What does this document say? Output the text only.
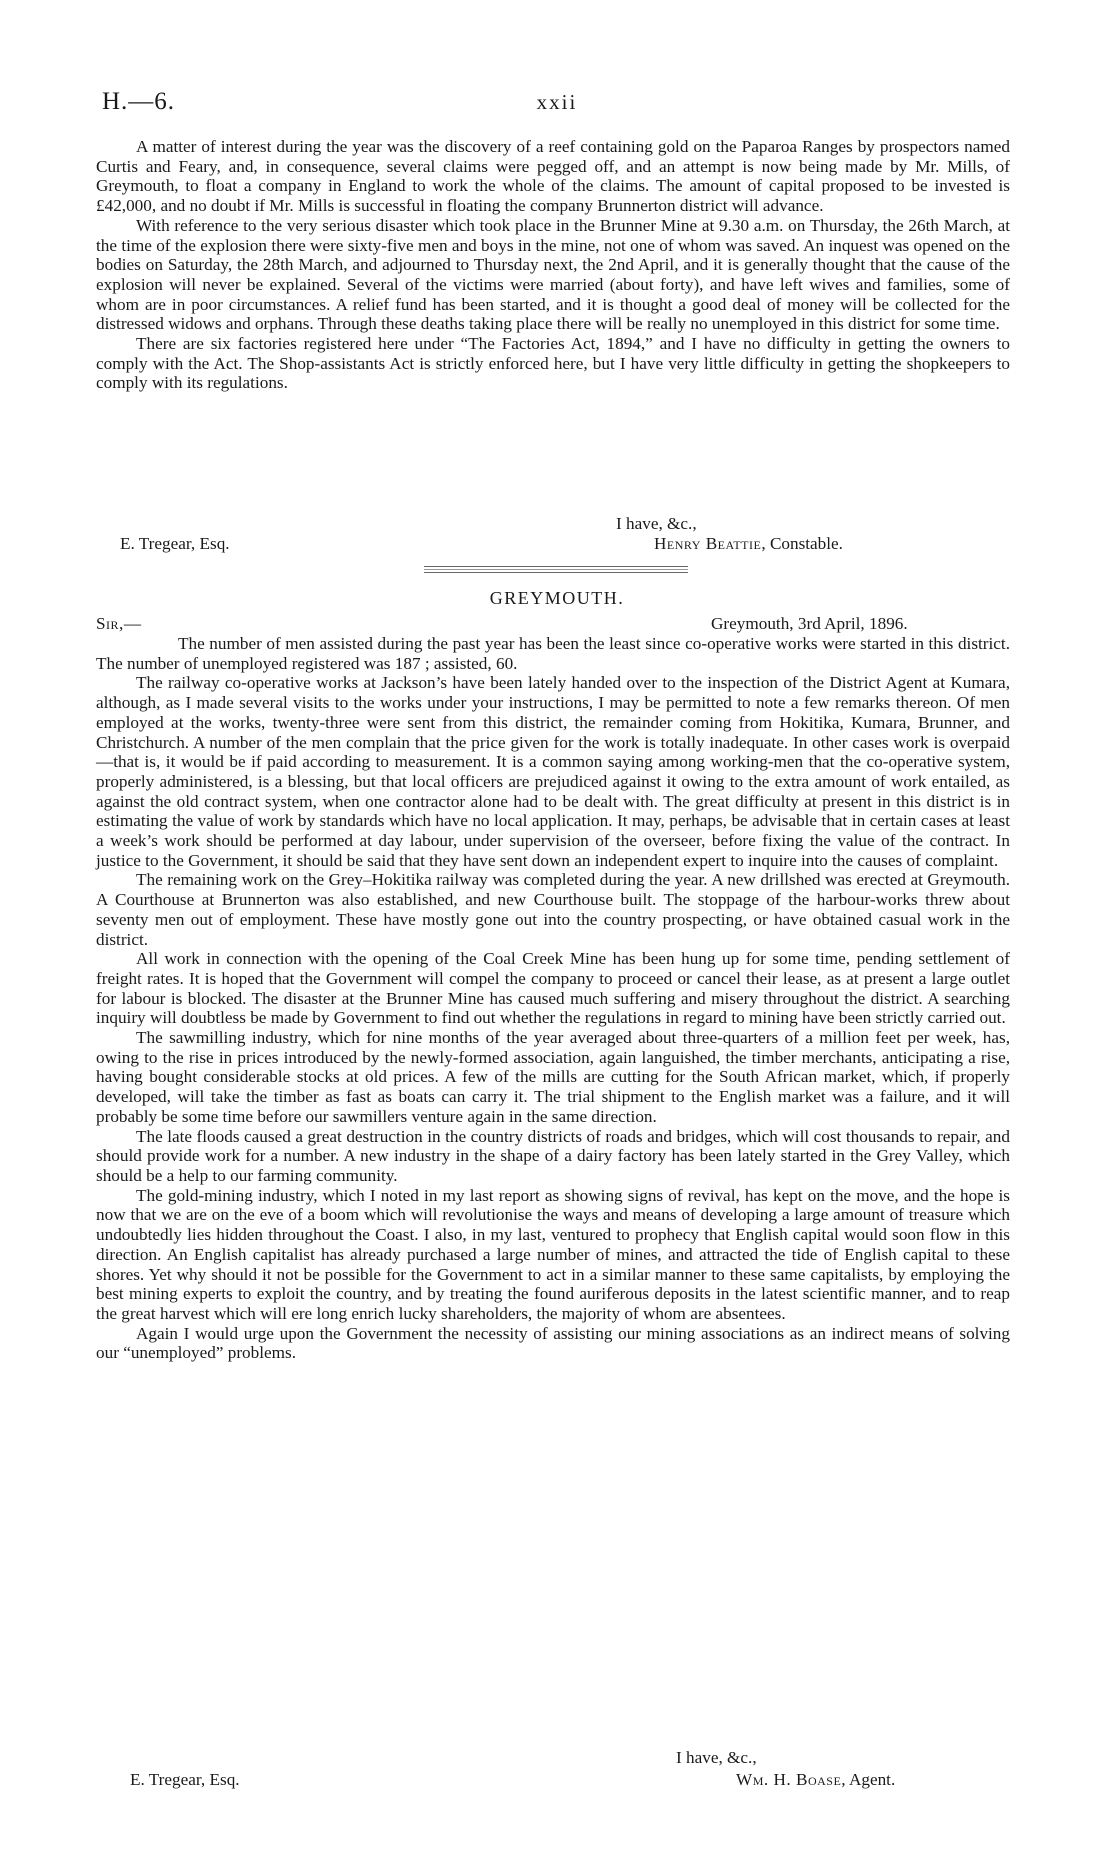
H.—6.	xxii

A matter of interest during the year was the discovery of a reef containing gold on the Paparoa Ranges by prospectors named Curtis and Feary, and, in consequence, several claims were pegged off, and an attempt is now being made by Mr. Mills, of Greymouth, to float a company in England to work the whole of the claims. The amount of capital proposed to be invested is £42,000, and no doubt if Mr. Mills is successful in floating the company Brunnerton district will advance.

With reference to the very serious disaster which took place in the Brunner Mine at 9.30 a.m. on Thursday, the 26th March, at the time of the explosion there were sixty-five men and boys in the mine, not one of whom was saved. An inquest was opened on the bodies on Saturday, the 28th March, and adjourned to Thursday next, the 2nd April, and it is generally thought that the cause of the explosion will never be explained. Several of the victims were married (about forty), and have left wives and families, some of whom are in poor circumstances. A relief fund has been started, and it is thought a good deal of money will be collected for the distressed widows and orphans. Through these deaths taking place there will be really no unemployed in this district for some time.

There are six factories registered here under “The Factories Act, 1894,” and I have no difficulty in getting the owners to comply with the Act. The Shop-assistants Act is strictly enforced here, but I have very little difficulty in getting the shopkeepers to comply with its regulations.

I have, &c.,
E. Tregear, Esq.	Henry Beattie, Constable.
GREYMOUTH.
Sir,—	Greymouth, 3rd April, 1896.

The number of men assisted during the past year has been the least since co-operative works were started in this district. The number of unemployed registered was 187 ; assisted, 60.

The railway co-operative works at Jackson’s have been lately handed over to the inspection of the District Agent at Kumara, although, as I made several visits to the works under your instructions, I may be permitted to note a few remarks thereon. Of men employed at the works, twenty-three were sent from this district, the remainder coming from Hokitika, Kumara, Brunner, and Christchurch. A number of the men complain that the price given for the work is totally inadequate. In other cases work is overpaid—that is, it would be if paid according to measurement. It is a common saying among working-men that the co-operative system, properly administered, is a blessing, but that local officers are prejudiced against it owing to the extra amount of work entailed, as against the old contract system, when one contractor alone had to be dealt with. The great difficulty at present in this district is in estimating the value of work by standards which have no local application. It may, perhaps, be advisable that in certain cases at least a week’s work should be performed at day labour, under supervision of the overseer, before fixing the value of the contract. In justice to the Government, it should be said that they have sent down an independent expert to inquire into the causes of complaint.

The remaining work on the Grey–Hokitika railway was completed during the year. A new drillshed was erected at Greymouth. A Courthouse at Brunnerton was also established, and new Courthouse built. The stoppage of the harbour-works threw about seventy men out of employment. These have mostly gone out into the country prospecting, or have obtained casual work in the district.

All work in connection with the opening of the Coal Creek Mine has been hung up for some time, pending settlement of freight rates. It is hoped that the Government will compel the company to proceed or cancel their lease, as at present a large outlet for labour is blocked. The disaster at the Brunner Mine has caused much suffering and misery throughout the district. A searching inquiry will doubtless be made by Government to find out whether the regulations in regard to mining have been strictly carried out.

The sawmilling industry, which for nine months of the year averaged about three-quarters of a million feet per week, has, owing to the rise in prices introduced by the newly-formed association, again languished, the timber merchants, anticipating a rise, having bought considerable stocks at old prices. A few of the mills are cutting for the South African market, which, if properly developed, will take the timber as fast as boats can carry it. The trial shipment to the English market was a failure, and it will probably be some time before our sawmillers venture again in the same direction.

The late floods caused a great destruction in the country districts of roads and bridges, which will cost thousands to repair, and should provide work for a number. A new industry in the shape of a dairy factory has been lately started in the Grey Valley, which should be a help to our farming community.

The gold-mining industry, which I noted in my last report as showing signs of revival, has kept on the move, and the hope is now that we are on the eve of a boom which will revolutionise the ways and means of developing a large amount of treasure which undoubtedly lies hidden throughout the Coast. I also, in my last, ventured to prophecy that English capital would soon flow in this direction. An English capitalist has already purchased a large number of mines, and attracted the tide of English capital to these shores. Yet why should it not be possible for the Government to act in a similar manner to these same capitalists, by employing the best mining experts to exploit the country, and by treating the found auriferous deposits in the latest scientific manner, and to reap the great harvest which will ere long enrich lucky shareholders, the majority of whom are absentees.

Again I would urge upon the Government the necessity of assisting our mining associations as an indirect means of solving our “unemployed” problems.

I have, &c.,
E. Tregear, Esq.	Wm. H. Boase, Agent.
